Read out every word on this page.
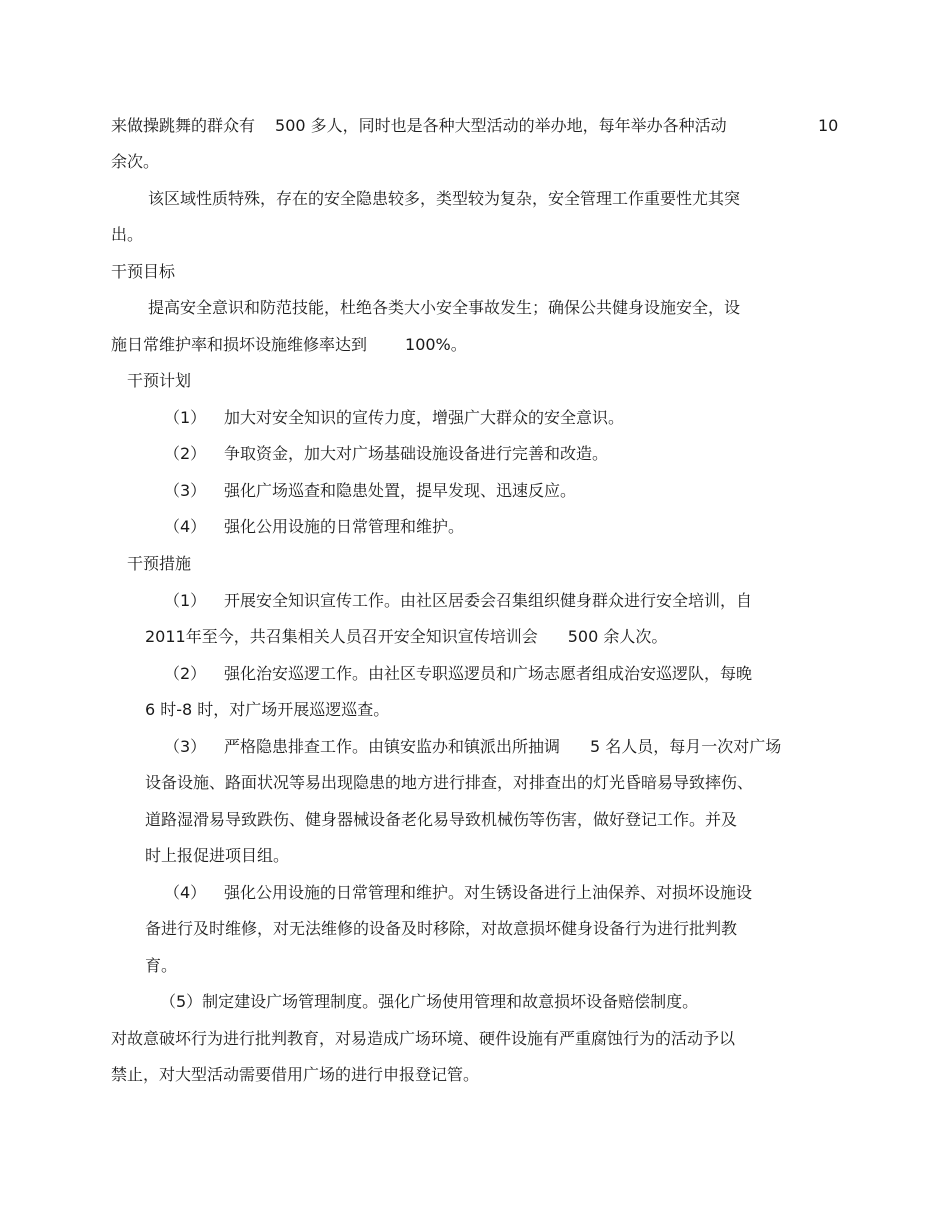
来做操跳舞的群众有 500 多人，同时也是各种大型活动的举办地，每年举办各种活动	10
余次。
该区域性质特殊，存在的安全隐患较多，类型较为复杂，安全管理工作重要性尤其突
出。
干预目标
提高安全意识和防范技能，杜绝各类大小安全事故发生；确保公共健身设施安全，设
施日常维护率和损坏设施维修率达到 100%。
干预计划
（1） 加大对安全知识的宣传力度，增强广大群众的安全意识。
（2） 争取资金，加大对广场基础设施设备进行完善和改造。
（3） 强化广场巡查和隐患处置，提早发现、迅速反应。
（4） 强化公用设施的日常管理和维护。
干预措施
（1） 开展安全知识宣传工作。由社区居委会召集组织健身群众进行安全培训，自
2011年至今，共召集相关人员召开安全知识宣传培训会 500 余人次。
（2） 强化治安巡逻工作。由社区专职巡逻员和广场志愿者组成治安巡逻队，每晚
6 时-8 时，对广场开展巡逻巡查。
（3） 严格隐患排查工作。由镇安监办和镇派出所抽调 5 名人员，每月一次对广场
设备设施、路面状况等易出现隐患的地方进行排查，对排查出的灯光昏暗易导致摔伤、
道路湿滑易导致跌伤、健身器械设备老化易导致机械伤等伤害，做好登记工作。并及
时上报促进项目组。
（4） 强化公用设施的日常管理和维护。对生锈设备进行上油保养、对损坏设施设
备进行及时维修，对无法维修的设备及时移除，对故意损坏健身设备行为进行批判教
育。
（5）制定建设广场管理制度。强化广场使用管理和故意损坏设备赔偿制度。
对故意破坏行为进行批判教育，对易造成广场环境、硬件设施有严重腐蚀行为的活动予以
禁止，对大型活动需要借用广场的进行申报登记管。
